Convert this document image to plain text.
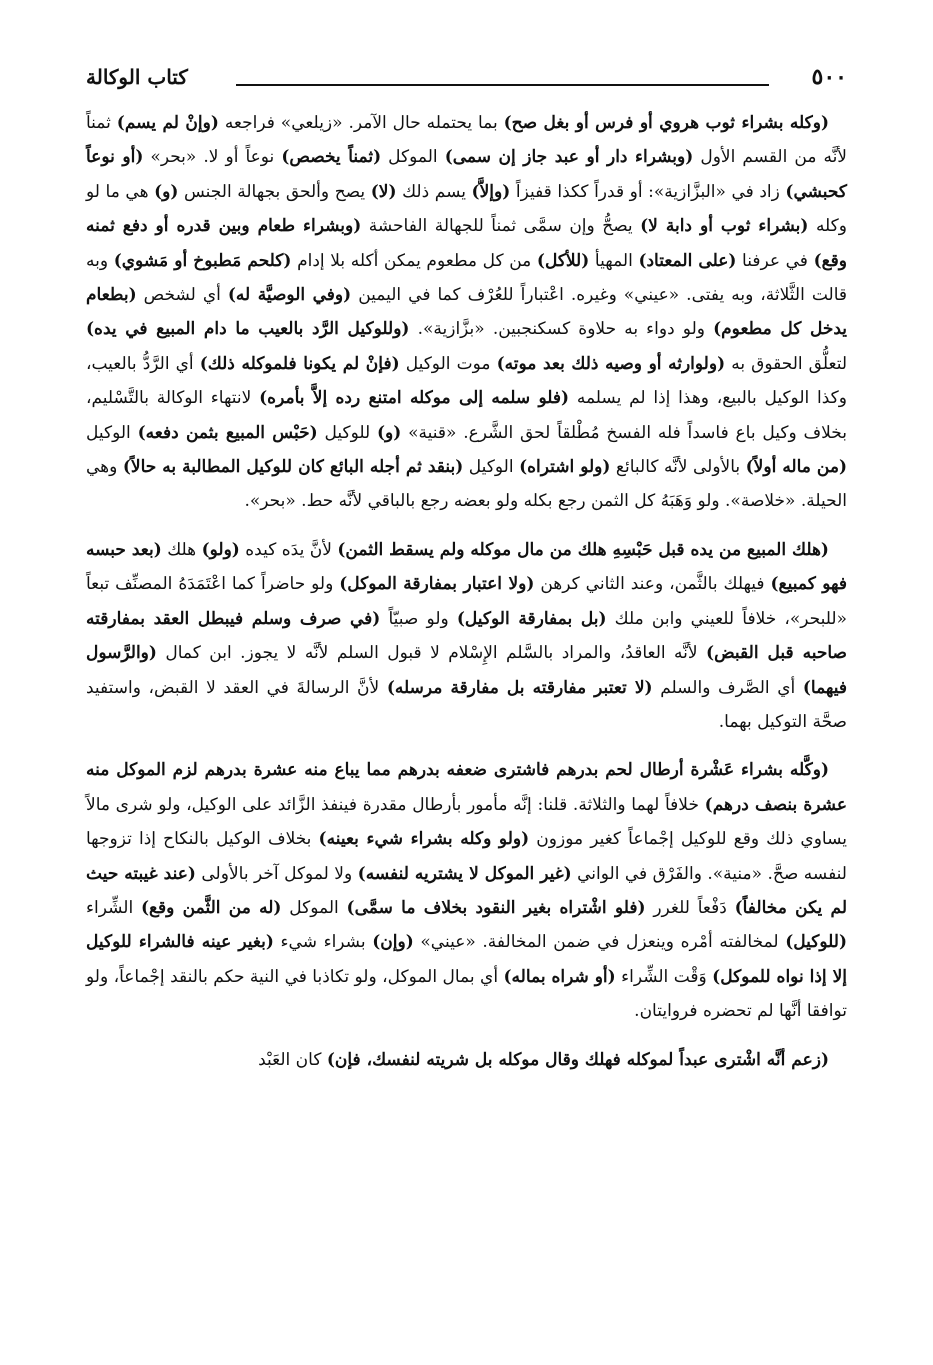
٥٠٠
كتاب الوكالة

(وكله بشراء ثوب هروي أو فرس أو بغل صح) بما يحتمله حال الآمر. «زيلعي» فراجعه (وإنْ لم يسم) ثمناً لأنَّه من القسم الأول (وبشراء دار أو عبد جاز إن سمى) الموكل (ثمناً يخصص) نوعاً أو لا. «بحر» (أو نوعاً كحبشي) زاد في «البزَّازية»: أو قدراً ككذا قفيزاً (وإلاَّ) يسم ذلك (لا) يصح وألحق بجهالة الجنس (و) هي ما لو وكله (بشراء ثوب أو دابة لا) يصحُّ وإن سمَّى ثمناً للجهالة الفاحشة (وبشراء طعام وبين قدره أو دفع ثمنه وقع) في عرفنا (على المعتاد) المهيأ (للأكل) من كل مطعوم يمكن أكله بلا إدام (كلحم مَطبوخ أو مَشوي) وبه قالت الثَّلاثة، وبه يفتى. «عيني» وغيره. اعْتباراً للعُرْف كما في اليمين (وفي الوصيَّة له) أي لشخص (بطعام يدخل كل مطعوم) ولو دواء به حلاوة كسكنجبين. «بزَّازية». (وللوكيل الرَّد بالعيب ما دام المبيع في يده) لتعلُّق الحقوق به (ولوارثه أو وصيه ذلك بعد موته) موت الوكيل (فإنْ لم يكونا فلموكله ذلك) أي الرَّدُّ بالعيب، وكذا الوكيل بالبيع، وهذا إذا لم يسلمه (فلو سلمه إلى موكله امتنع رده إلاَّ بأمره) لانتهاء الوكالة بالتَّسْليم، بخلاف وكيل باع فاسداً فله الفسخ مُطْلقاً لحق الشَّرع. «قنية» (و) للوكيل (حَبْس المبيع بثمن دفعه) الوكيل (من ماله أولاً) بالأولى لأنَّه كالبائع (ولو اشتراه) الوكيل (بنقد ثم أجله البائع كان للوكيل المطالبة به حالاً) وهي الحيلة. «خلاصة». ولو وَهَبَهُ كل الثمن رجع بكله ولو بعضه رجع بالباقي لأنَّه حط. «بحر».

(هلك المبيع من يده قبل حَبْسِهِ هلك من مال موكله ولم يسقط الثمن) لأنَّ يدَه كيده (ولو) هلك (بعد حبسه فهو كمبيع) فيهلك بالثَّمن، وعند الثاني كرهن (ولا اعتبار بمفارقة الموكل) ولو حاضراً كما اعْتَمَدَهُ المصنِّف تبعاً «للبحر»، خلافاً للعيني وابن ملك (بل بمفارقة الوكيل) ولو صبيّاً (في صرف وسلم فيبطل العقد بمفارقته صاحبه قبل القبض) لأنَّه العاقدُ، والمراد بالسَّلم الإِسْلام لا قبول السلم لأنَّه لا يجوز. ابن كمال (والرَّسول فيهما) أي الصَّرف والسلم (لا تعتبر مفارقته بل مفارقة مرسله) لأنَّ الرسالةَ في العقد لا القبض، واستفيد صحَّة التوكيل بهما.

(وكَّله بشراء عَشْرة أرطال لحم بدرهم فاشترى ضعفه بدرهم مما يباع منه عشرة بدرهم لزم الموكل منه عشرة بنصف درهم) خلافاً لهما والثلاثة. قلنا: إنَّه مأمور بأرطال مقدرة فينفذ الزَّائد على الوكيل، ولو شرى مالاً يساوي ذلك وقع للوكيل إجْماعاً كغير موزون (ولو وكله بشراء شيء بعينه) بخلاف الوكيل بالنكاح إذا تزوجها لنفسه صحَّ. «منية». والفَرْق في الواني (غير الموكل لا يشتريه لنفسه) ولا لموكل آخر بالأولى (عند غيبته حيث لم يكن مخالفاً) دَفْعاً للغرر (فلو اشْتراه بغير النقود بخلاف ما سمَّى) الموكل (له من الثَّمن وقع) الشِّراء (للوكيل) لمخالفته أمْره وينعزل في ضمن المخالفة. «عيني» (وإن) بشراء شيء (بغير عينه فالشراء للوكيل إلا إذا نواه للموكل) وَقْت الشِّراء (أو شراه بماله) أي بمال الموكل، ولو تكاذبا في النية حكم بالنقد إجْماعاً، ولو توافقا أنَّها لم تحضره فروايتان.

(زعم أنَّه اشْترى عبداً لموكله فهلك وقال موكله بل شريته لنفسك، فإن) كان العَبْد
